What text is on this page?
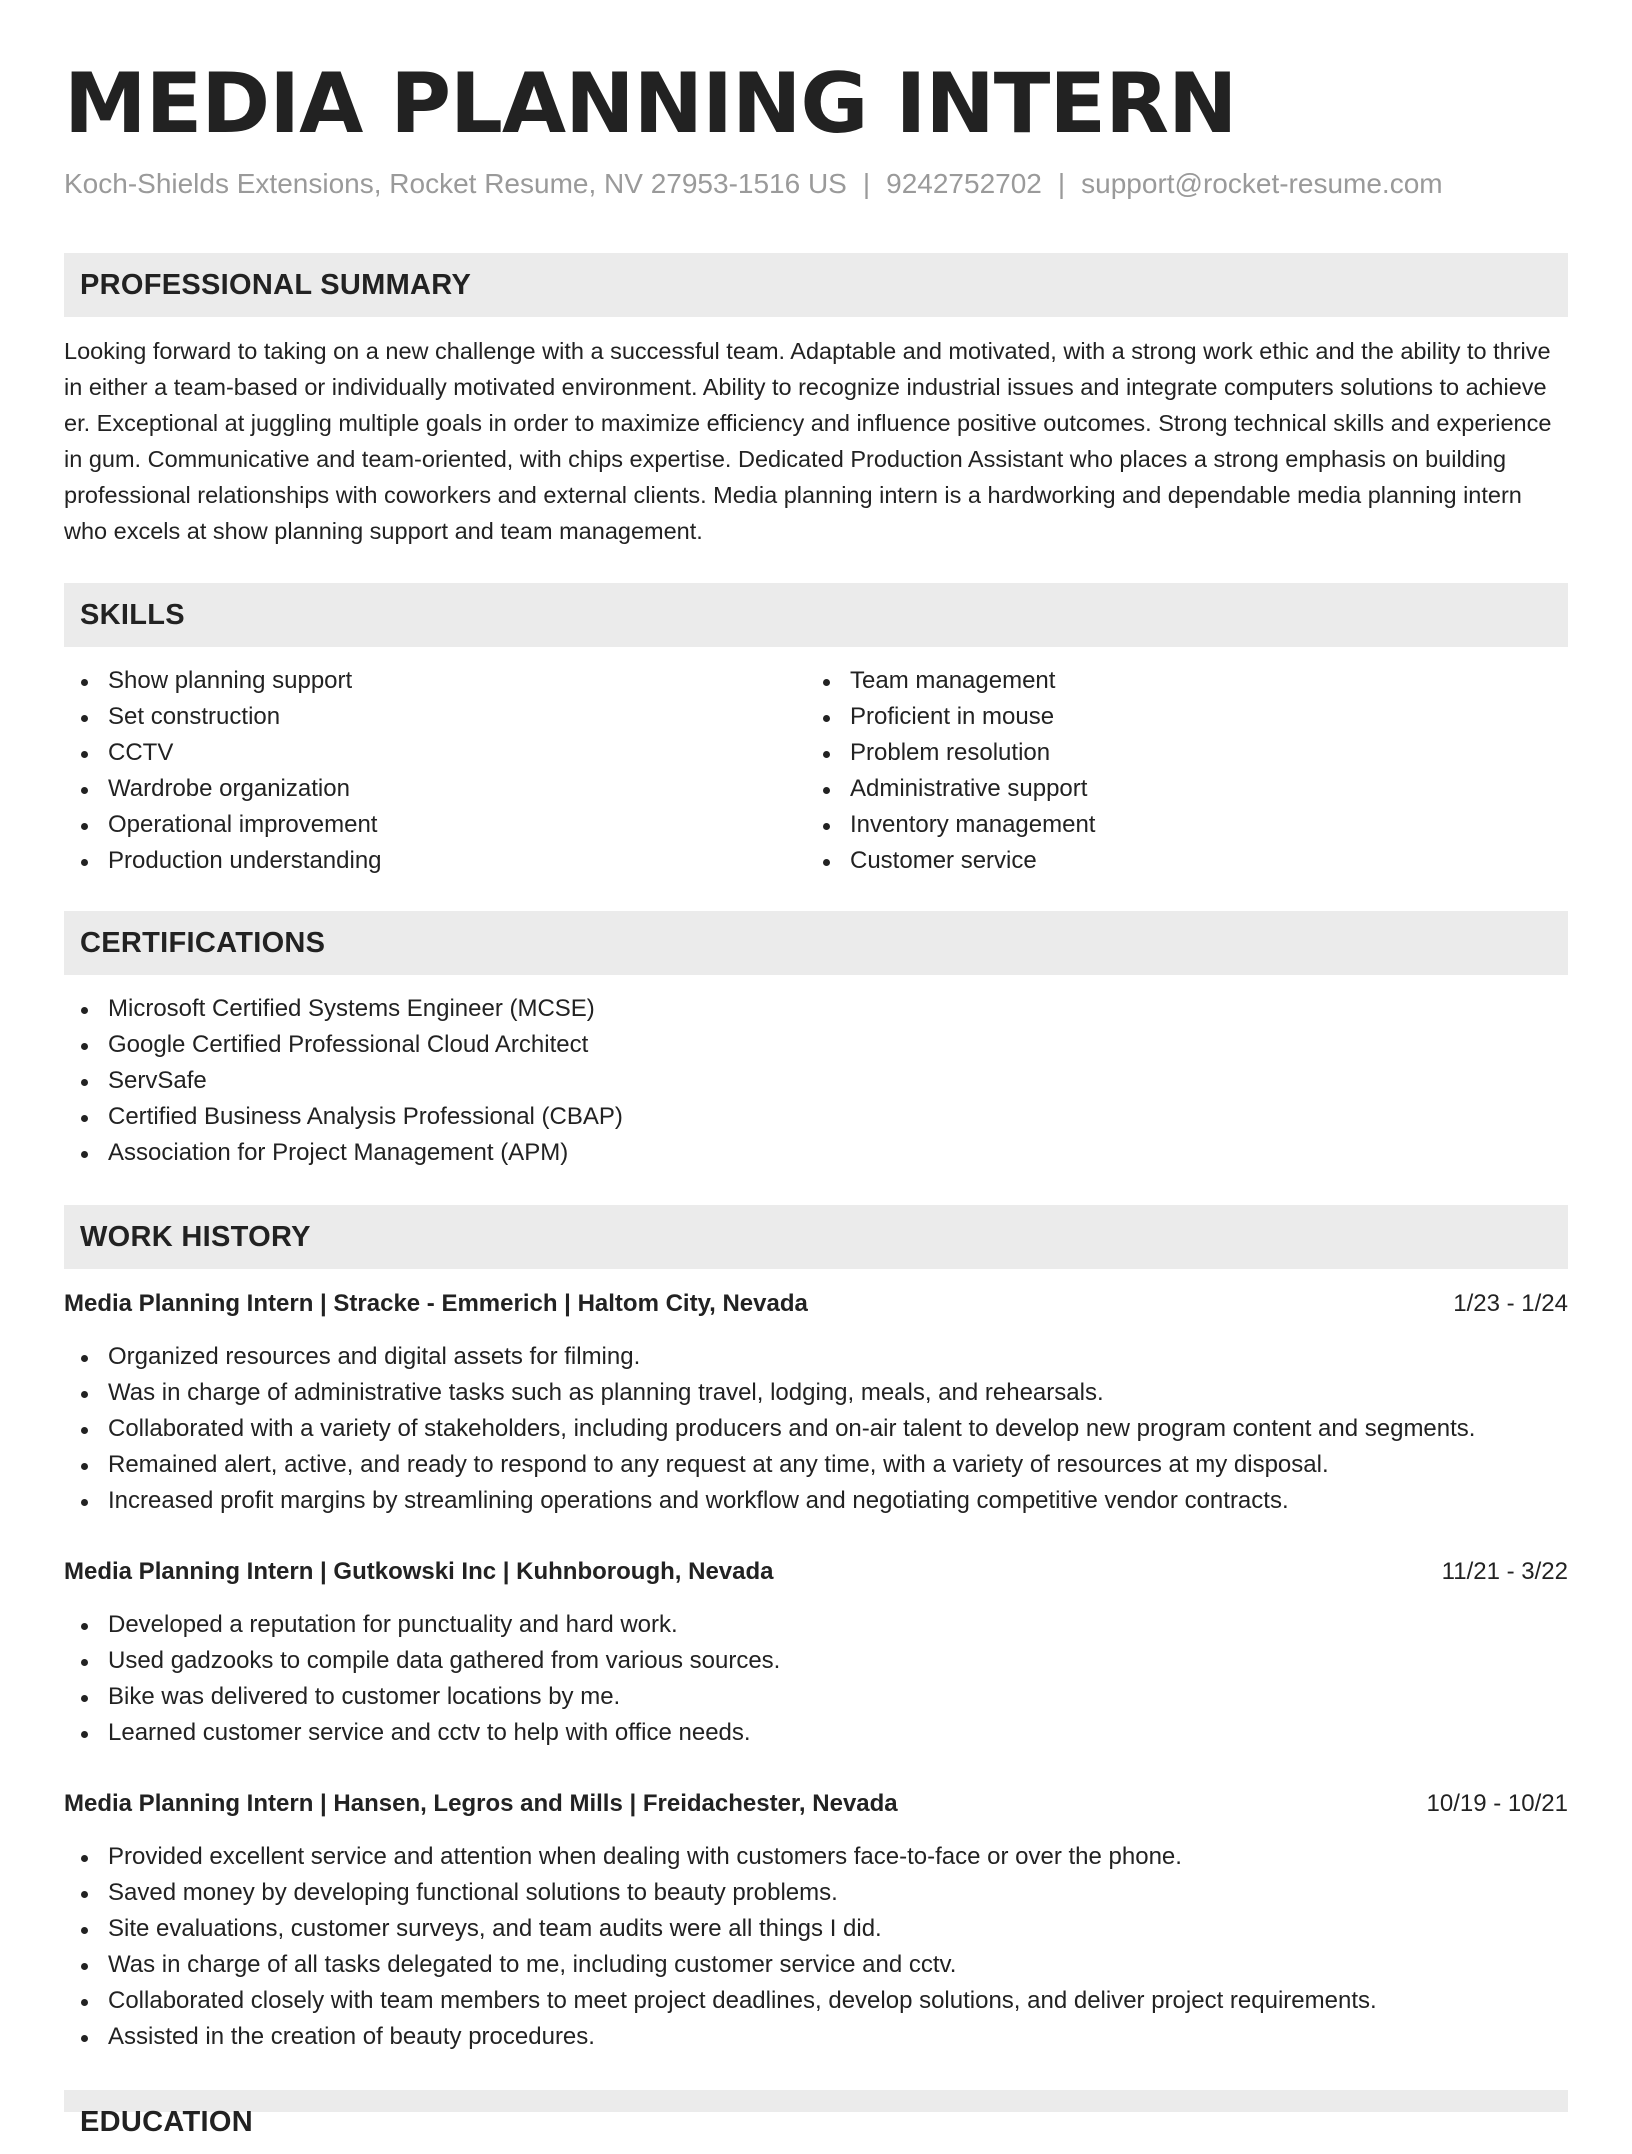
MEDIA PLANNING INTERN
Koch-Shields Extensions, Rocket Resume, NV 27953-1516 US | 9242752702 | support@rocket-resume.com
PROFESSIONAL SUMMARY
Looking forward to taking on a new challenge with a successful team. Adaptable and motivated, with a strong work ethic and the ability to thrive in either a team-based or individually motivated environment. Ability to recognize industrial issues and integrate computers solutions to achieve er. Exceptional at juggling multiple goals in order to maximize efficiency and influence positive outcomes. Strong technical skills and experience in gum. Communicative and team-oriented, with chips expertise. Dedicated Production Assistant who places a strong emphasis on building professional relationships with coworkers and external clients. Media planning intern is a hardworking and dependable media planning intern who excels at show planning support and team management.
SKILLS
Show planning support
Set construction
CCTV
Wardrobe organization
Operational improvement
Production understanding
Team management
Proficient in mouse
Problem resolution
Administrative support
Inventory management
Customer service
CERTIFICATIONS
Microsoft Certified Systems Engineer (MCSE)
Google Certified Professional Cloud Architect
ServSafe
Certified Business Analysis Professional (CBAP)
Association for Project Management (APM)
WORK HISTORY
Media Planning Intern | Stracke - Emmerich | Haltom City, Nevada	1/23 - 1/24
Organized resources and digital assets for filming.
Was in charge of administrative tasks such as planning travel, lodging, meals, and rehearsals.
Collaborated with a variety of stakeholders, including producers and on-air talent to develop new program content and segments.
Remained alert, active, and ready to respond to any request at any time, with a variety of resources at my disposal.
Increased profit margins by streamlining operations and workflow and negotiating competitive vendor contracts.
Media Planning Intern | Gutkowski Inc | Kuhnborough, Nevada	11/21 - 3/22
Developed a reputation for punctuality and hard work.
Used gadzooks to compile data gathered from various sources.
Bike was delivered to customer locations by me.
Learned customer service and cctv to help with office needs.
Media Planning Intern | Hansen, Legros and Mills | Freidachester, Nevada	10/19 - 10/21
Provided excellent service and attention when dealing with customers face-to-face or over the phone.
Saved money by developing functional solutions to beauty problems.
Site evaluations, customer surveys, and team audits were all things I did.
Was in charge of all tasks delegated to me, including customer service and cctv.
Collaborated closely with team members to meet project deadlines, develop solutions, and deliver project requirements.
Assisted in the creation of beauty procedures.
EDUCATION
